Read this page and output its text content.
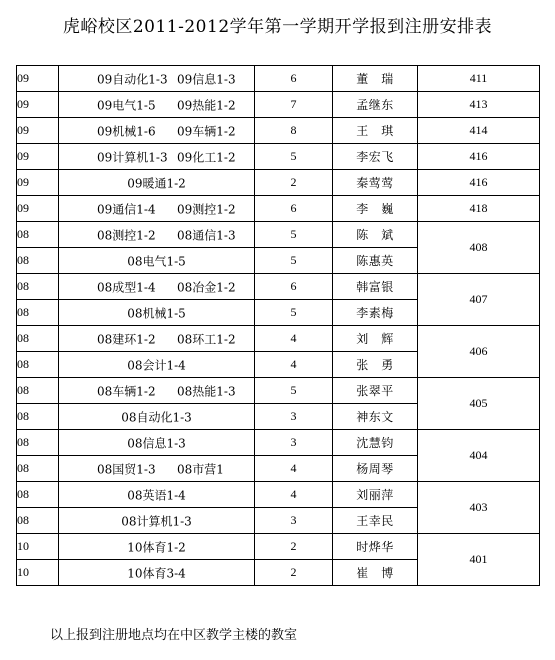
虎峪校区2011-2012学年第一学期开学报到注册安排表
09	09自动化1-3 09信息1-3	6	董　瑞	411
09	09电气1-5 09热能1-2	7	孟继东	413
09	09机械1-6 09车辆1-2	8	王　琪	414
09	09计算机1-3 09化工1-2	5	李宏飞	416
09	09暖通1-2	2	秦莺莺	416
09	09通信1-4 09测控1-2	6	李　巍	418
08	08测控1-2 08通信1-3	5	陈　斌	408
08	08电气1-5	5	陈惠英	
08	08成型1-4 08冶金1-2	6	韩富银	407
08	08机械1-5	5	李素梅	
08	08建环1-2 08环工1-2	4	刘　辉	406
08	08会计1-4	4	张　勇	
08	08车辆1-2 08热能1-3	5	张翠平	405
08	08自动化1-3	3	神东文	
08	08信息1-3	3	沈慧钧	404
08	08国贸1-3 08市营1	4	杨周琴	
08	08英语1-4	4	刘丽萍	403
08	08计算机1-3	3	王幸民	
10	10体育1-2	2	时烨华	401
10	10体育3-4	2	崔　博	
以上报到注册地点均在中区教学主楼的教室
